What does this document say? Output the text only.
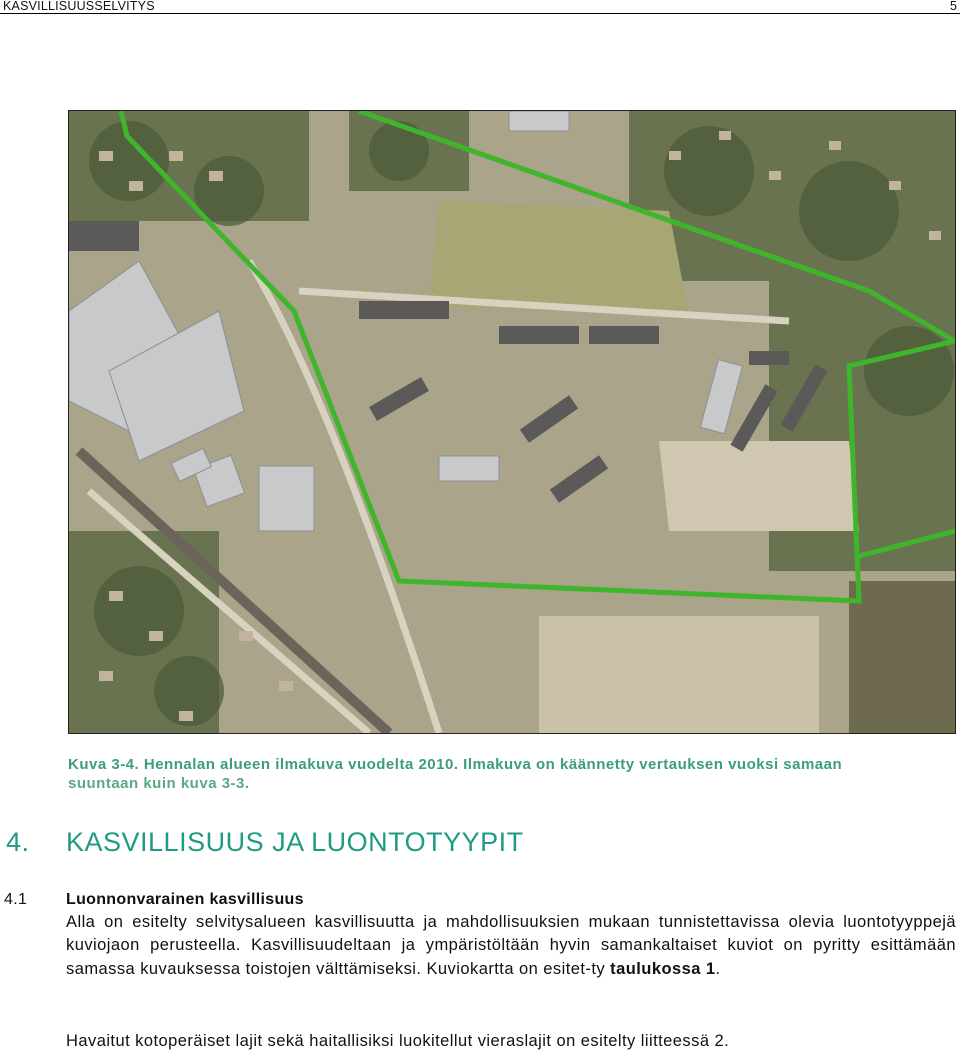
KASVILLISUUSSELVITYS	5
Kuva 3-4. Hennalan alueen ilmakuva vuodelta 2010. Ilmakuva on käännetty vertauksen vuoksi samaan
suuntaan kuin kuva 3-3.
4. KASVILLISUUS JA LUONTOTYYPIT
4.1 Luonnonvarainen kasvillisuus
Alla on esitelty selvitysalueen kasvillisuutta ja mahdollisuuksien mukaan tunnistettavissa olevia luontotyyppejä kuviojaon perusteella. Kasvillisuudeltaan ja ympäristöltään hyvin samankaltaiset kuviot on pyritty esittämään samassa kuvauksessa toistojen välttämiseksi. Kuviokartta on esitet-ty taulukossa 1.
Havaitut kotoperäiset lajit sekä haitallisiksi luokitellut vieraslajit on esitelty liitteessä 2.
